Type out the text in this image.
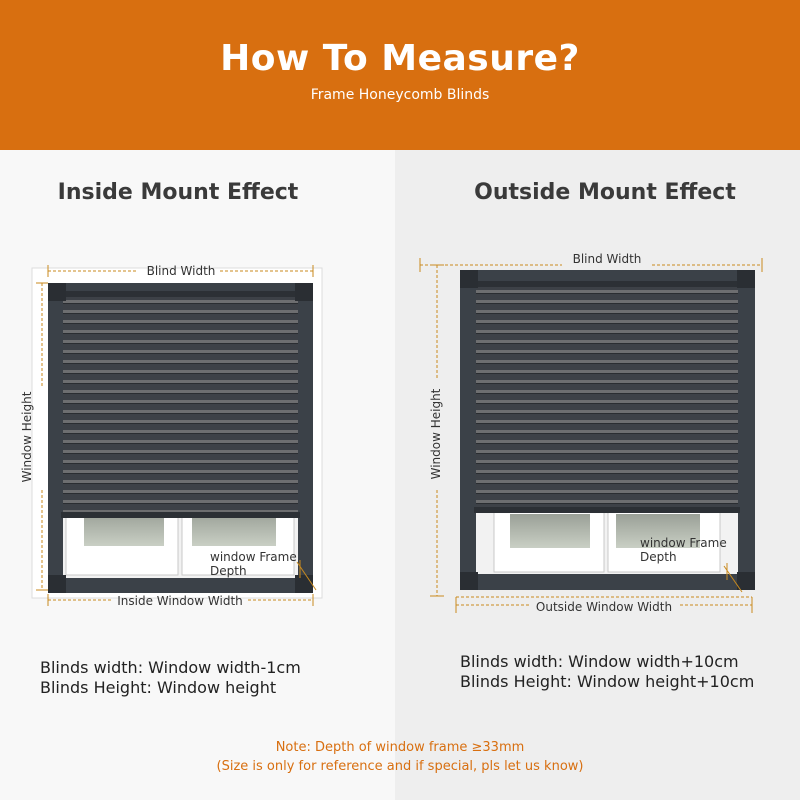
How To Measure?
Frame Honeycomb Blinds
Inside Mount Effect	Outside Mount Effect
Blind Width
Window Height
window Frame
Depth
Inside Window Width
Blind Width
Window Height
window Frame
Depth
Outside Window Width
Blinds width: Window width-1cm
Blinds Height: Window height
Blinds width: Window width+10cm
Blinds Height: Window height+10cm
Note: Depth of window frame ≥33mm
(Size is only for reference and if special, pls let us know)
